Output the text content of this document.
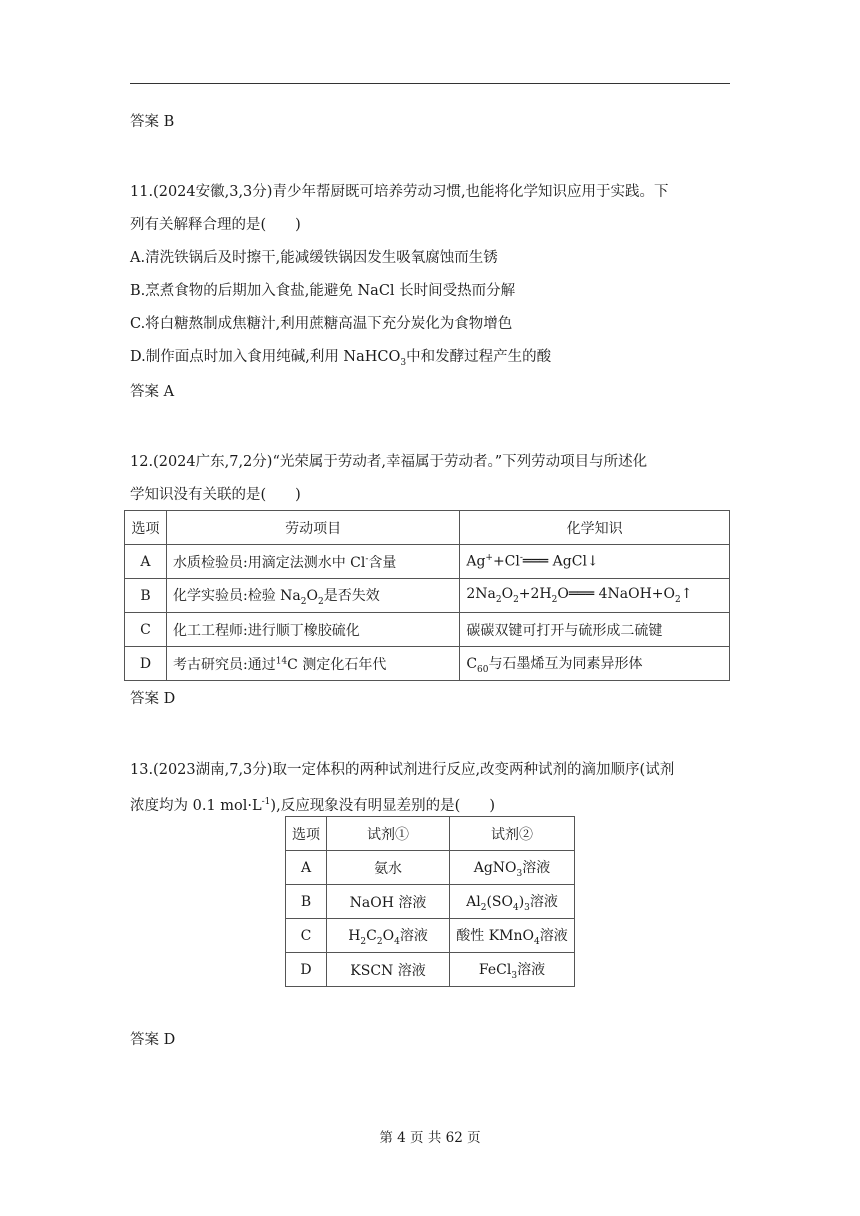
答案 B
11.(2024安徽,3,3分)青少年帮厨既可培养劳动习惯,也能将化学知识应用于实践。下
列有关解释合理的是(　　)
A.清洗铁锅后及时擦干,能减缓铁锅因发生吸氧腐蚀而生锈
B.烹煮食物的后期加入食盐,能避免 NaCl 长时间受热而分解
C.将白糖熬制成焦糖汁,利用蔗糖高温下充分炭化为食物增色
D.制作面点时加入食用纯碱,利用 NaHCO$_3$中和发酵过程产生的酸
答案 A
12.(2024广东,7,2分)“光荣属于劳动者,幸福属于劳动者。”下列劳动项目与所述化
学知识没有关联的是(　　)
选项	劳动项目	化学知识
A	水质检验员:用滴定法测水中 Cl-含量	Ag++Cl-═══ AgCl↓
B	化学实验员:检验 $Na_2O_2$是否失效	$2Na_2O_2+2H_2O═══$ $4NaOH+O_2↑$
C	化工工程师:进行顺丁橡胶硫化	碳碳双键可打开与硫形成二硫键
D	考古研究员:通过$^{14}$C 测定化石年代	$C_{60}$与石墨烯互为同素异形体
答案 D
13.(2023湖南,7,3分)取一定体积的两种试剂进行反应,改变两种试剂的滴加顺序(试剂
浓度均为 0.1 $mol\cdot L^{-1}$),反应现象没有明显差别的是(　　)
选项	试剂①	试剂②
A	氨水	AgNO$_3$溶液
B	NaOH 溶液	$Al_2(SO_4)_3$溶液
C	$H_2C_2O_4$溶液	酸性 KMnO$_4$溶液
D	KSCN 溶液	FeCl$_3$溶液
答案 D
第 4 页 共 62 页
